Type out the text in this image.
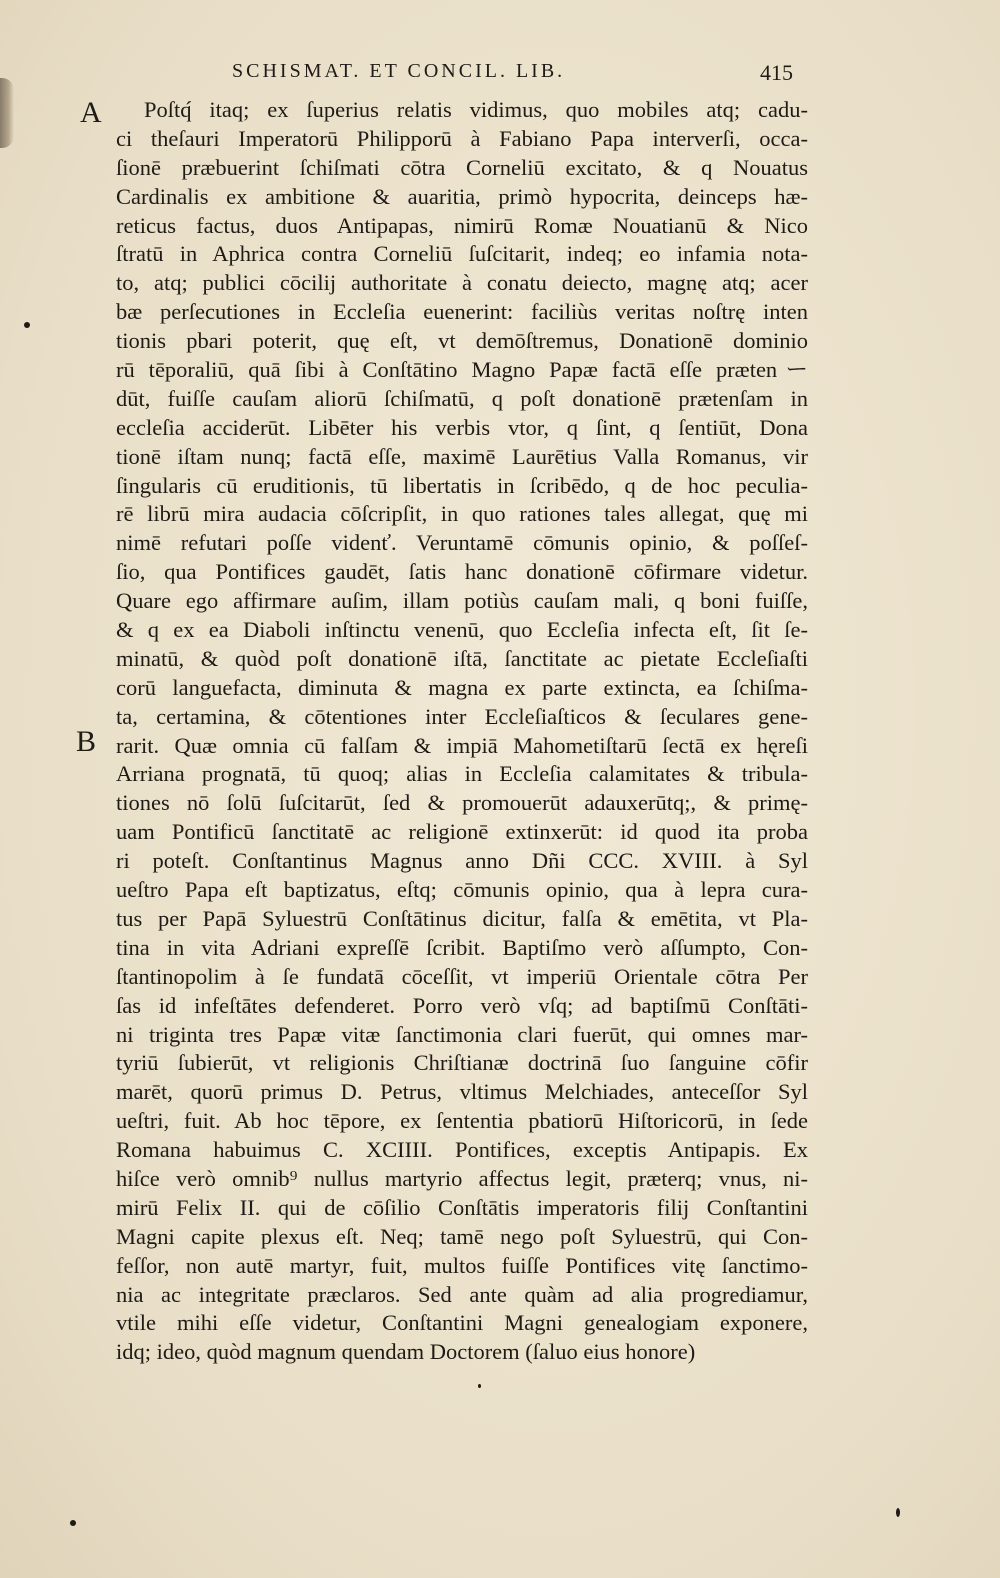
SCHISMAT. ET CONCIL. LIB.	415
A
B
Poſtq́ itaq; ex ſuperius relatis vidimus, quo mobiles atq; cadu-
ci theſauri Imperatorū Philipporū à Fabiano Papa interverſi, occa-
ſionē præbuerint ſchiſmati cōtra Corneliū excitato, & q Nouatus
Cardinalis ex ambitione & auaritia, primò hypocrita, deinceps hæ-
reticus factus, duos Antipapas, nimirū Romæ Nouatianū & Nico
ſtratū in Aphrica contra Corneliū ſuſcitarit, indeq; eo infamia nota-
to, atq; publici cōcilij authoritate à conatu deiecto, magnę atq; acer
bæ perſecutiones in Eccleſia euenerint: faciliùs veritas noſtrę inten
tionis pbari poterit, quę eſt, vt demōſtremus, Donationē dominio
rū tēporaliū, quā ſibi à Conſtātino Magno Papæ factā eſſe prætenー
dūt, fuiſſe cauſam aliorū ſchiſmatū, q poſt donationē prætenſam in
eccleſia acciderūt. Libēter his verbis vtor, q ſint, q ſentiūt, Dona
tionē iſtam nunq; factā eſſe, maximē Laurētius Valla Romanus, vir
ſingularis cū eruditionis, tū libertatis in ſcribēdo, q de hoc peculia-
rē librū mira audacia cōſcripſit, in quo rationes tales allegat, quę mi
nimē refutari poſſe videnť. Veruntamē cōmunis opinio, & poſſeſ-
ſio, qua Pontifices gaudēt, ſatis hanc donationē cōfirmare videtur.
Quare ego affirmare auſim, illam potiùs cauſam mali, q boni fuiſſe,
& q ex ea Diaboli inſtinctu venenū, quo Eccleſia infecta eſt, ſit ſe-
minatū, & quòd poſt donationē iſtā, ſanctitate ac pietate Eccleſiaſti
corū languefacta, diminuta & magna ex parte extincta, ea ſchiſma-
ta, certamina, & cōtentiones inter Eccleſiaſticos & ſeculares gene-
rarit. Quæ omnia cū falſam & impiā Mahometiſtarū ſectā ex hęreſi
Arriana prognatā, tū quoq; alias in Eccleſia calamitates & tribula-
tiones nō ſolū ſuſcitarūt, ſed & promouerūt adauxerūtq;, & primę-
uam Pontificū ſanctitatē ac religionē extinxerūt: id quod ita proba
ri poteſt. Conſtantinus Magnus anno Dñi CCC. XVIII. à Syl
ueſtro Papa eſt baptizatus, eſtq; cōmunis opinio, qua à lepra cura-
tus per Papā Syluestrū Conſtātinus dicitur, falſa & emētita, vt Pla-
tina in vita Adriani expreſſē ſcribit. Baptiſmo verò aſſumpto, Con-
ſtantinopolim à ſe fundatā cōceſſit, vt imperiū Orientale cōtra Per
ſas id infeſtātes defenderet. Porro verò vſq; ad baptiſmū Conſtāti-
ni triginta tres Papæ vitæ ſanctimonia clari fuerūt, qui omnes mar-
tyriū ſubierūt, vt religionis Chriſtianæ doctrinā ſuo ſanguine cōfir
marēt, quorū primus D. Petrus, vltimus Melchiades, anteceſſor Syl
ueſtri, fuit. Ab hoc tēpore, ex ſententia pbatiorū Hiſtoricorū, in ſede
Romana habuimus C. XCIIII. Pontifices, exceptis Antipapis. Ex
hiſce verò omnib⁹ nullus martyrio affectus legit, præterq; vnus, ni-
mirū Felix II. qui de cōſilio Conſtātis imperatoris filij Conſtantini
Magni capite plexus eſt. Neq; tamē nego poſt Syluestrū, qui Con-
feſſor, non autē martyr, fuit, multos fuiſſe Pontifices vitę ſanctimo-
nia ac integritate præclaros. Sed ante quàm ad alia progrediamur,
vtile mihi eſſe videtur, Conſtantini Magni genealogiam exponere,
idq; ideo, quòd magnum quendam Doctorem (ſaluo eius honore)
